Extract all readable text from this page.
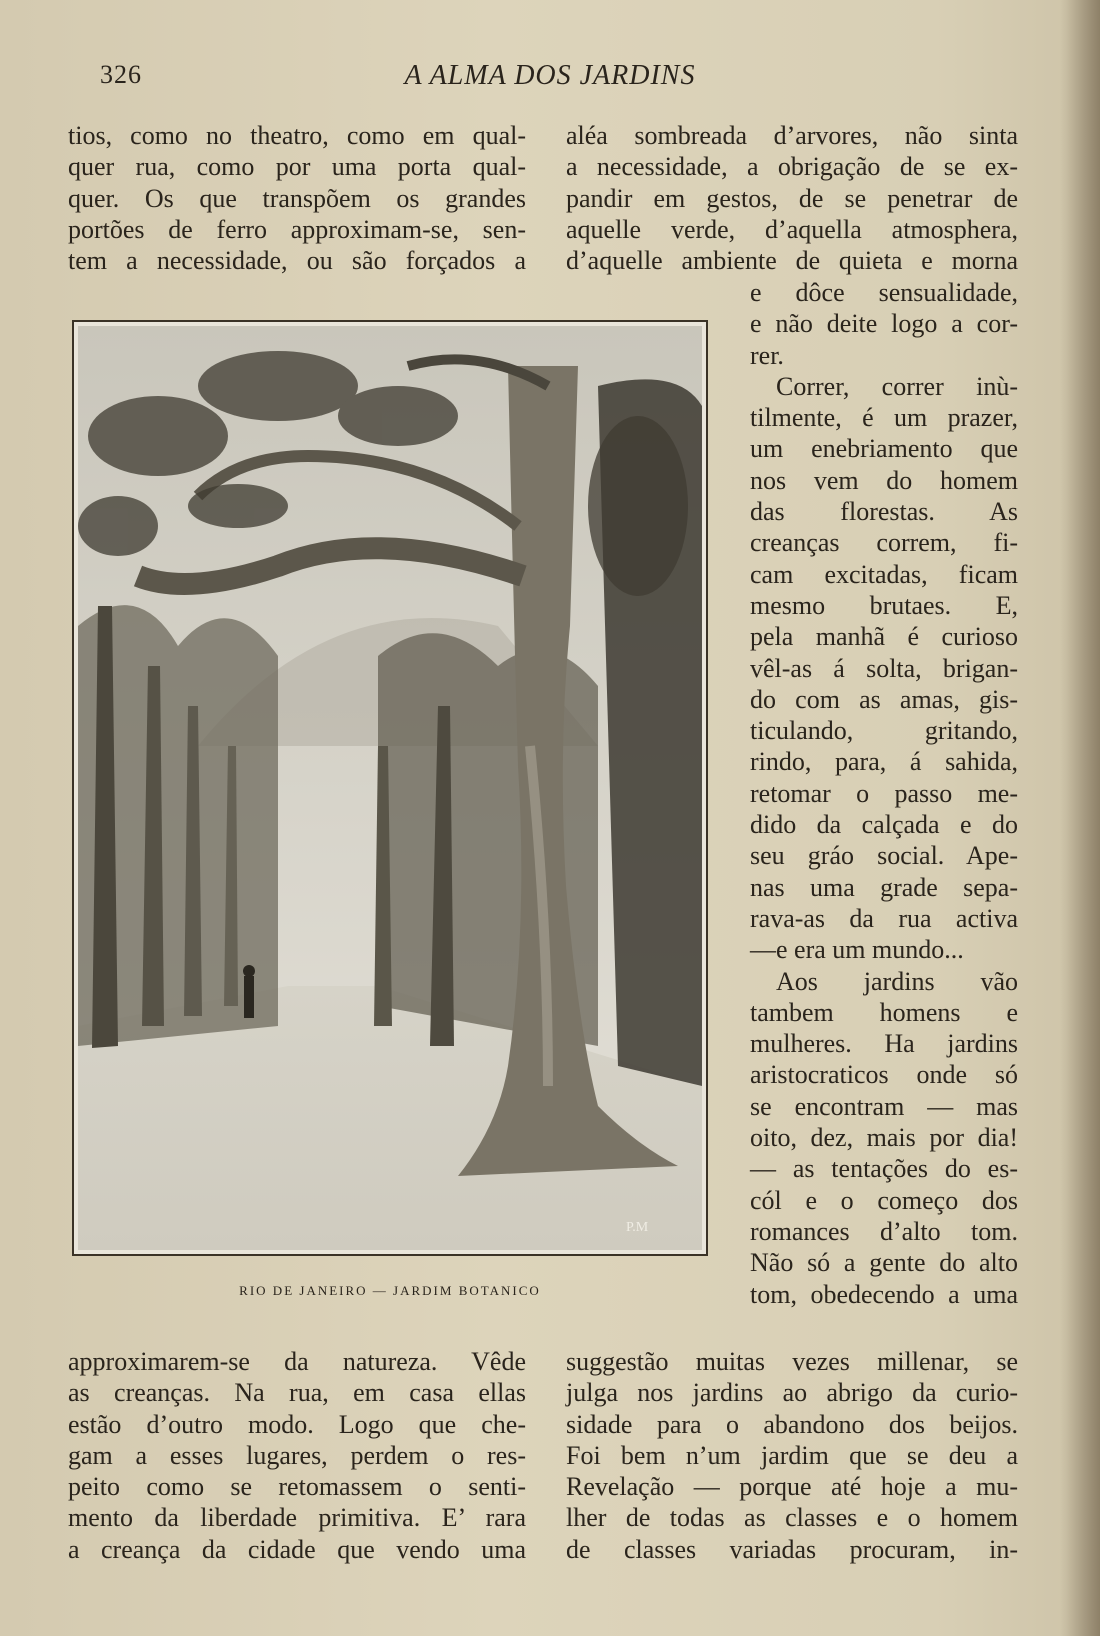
326	A ALMA DOS JARDINS
tios, como no theatro, como em qual-
quer rua, como por uma porta qual-
quer. Os que transpõem os grandes
portões de ferro approximam-se, sen-
tem a necessidade, ou são forçados a
aléa sombreada d’arvores, não sinta
a necessidade, a obrigação de se ex-
pandir em gestos, de se penetrar de
aquelle verde, d’aquella atmosphera,
d’aquelle ambiente de quieta e morna
e dôce sensualidade,
e não deite logo a cor-
rer.
Correr, correr inù-
tilmente, é um prazer,
um enebriamento que
nos vem do homem
das florestas. As
creanças correm, fi-
cam excitadas, ficam
mesmo brutaes. E,
pela manhã é curioso
vêl-as á solta, brigan-
do com as amas, gis-
ticulando, gritando,
rindo, para, á sahida,
retomar o passo me-
dido da calçada e do
seu gráo social. Ape-
nas uma grade sepa-
rava-as da rua activa
—e era um mundo...
Aos jardins vão
tambem homens e
mulheres. Ha jardins
aristocraticos onde só
se encontram — mas
oito, dez, mais por dia!
— as tentações do es-
cól e o começo dos
romances d’alto tom.
Não só a gente do alto
tom, obedecendo a uma
approximarem-se da natureza. Vêde
as creanças. Na rua, em casa ellas
estão d’outro modo. Logo que che-
gam a esses lugares, perdem o res-
peito como se retomassem o senti-
mento da liberdade primitiva. E’ rara
a creança da cidade que vendo uma
suggestão muitas vezes millenar, se
julga nos jardins ao abrigo da curio-
sidade para o abandono dos beijos.
Foi bem n’um jardim que se deu a
Revelação — porque até hoje a mu-
lher de todas as classes e o homem
de classes variadas procuram, in-
P.M
RIO DE JANEIRO — JARDIM BOTANICO
